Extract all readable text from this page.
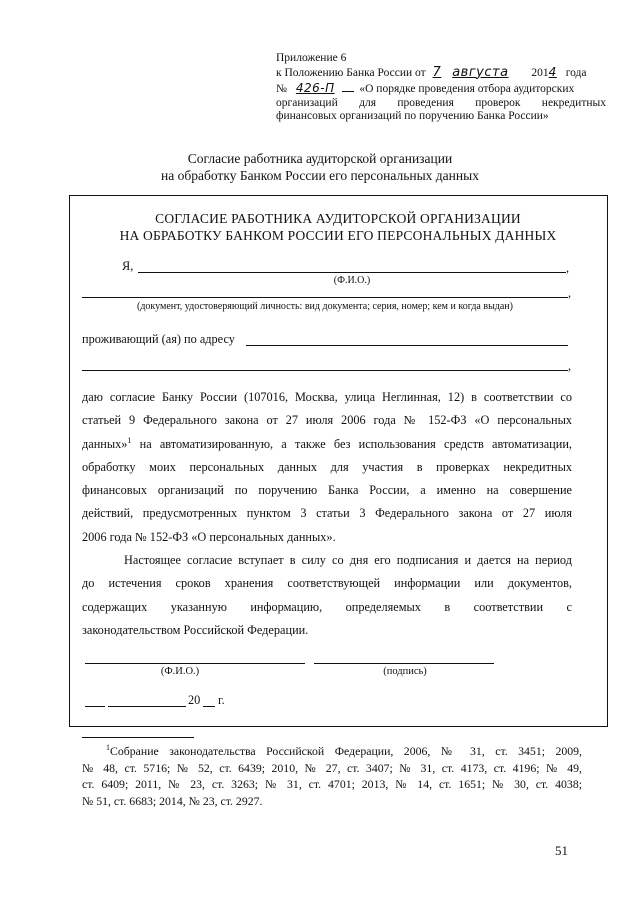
Приложение 6
к Положению Банка России от 7 августа 2014 года
№ 426-П «О порядке проведения отбора аудиторских
организаций для проведения проверок некредитных
финансовых организаций по поручению Банка России»
Согласие работника аудиторской организации
на обработку Банком России его персональных данных
СОГЛАСИЕ РАБОТНИКА АУДИТОРСКОЙ ОРГАНИЗАЦИИ
НА ОБРАБОТКУ БАНКОМ РОССИИ ЕГО ПЕРСОНАЛЬНЫХ ДАННЫХ
Я,	,
(Ф.И.О.)
,
(документ, удостоверяющий личность: вид документа; серия, номер; кем и когда выдан)
проживающий (ая) по адресу
,
даю согласие Банку России (107016, Москва, улица Неглинная, 12) в соответствии со
статьей 9 Федерального закона от 27 июля 2006 года № 152-ФЗ «О персональных
данных»$^1$ на автоматизированную, а также без использования средств автоматизации,
обработку моих персональных данных для участия в проверках некредитных
финансовых организаций по поручению Банка России, а именно на совершение
действий, предусмотренных пунктом 3 статьи 3 Федерального закона от 27 июля
2006 года № 152-ФЗ «О персональных данных».
Настоящее согласие вступает в силу со дня его подписания и дается на период
до истечения сроков хранения соответствующей информации или документов,
содержащих указанную информацию, определяемых в соответствии с
законодательством Российской Федерации.
(Ф.И.О.)	(подпись)
20 г.
$^1$Собрание законодательства Российской Федерации, 2006, № 31, ст. 3451; 2009,
№ 48, ст. 5716; № 52, ст. 6439; 2010, № 27, ст. 3407; № 31, ст. 4173, ст. 4196; № 49,
ст. 6409; 2011, № 23, ст. 3263; № 31, ст. 4701; 2013, № 14, ст. 1651; № 30, ст. 4038;
№ 51, ст. 6683; 2014, № 23, ст. 2927.
51
